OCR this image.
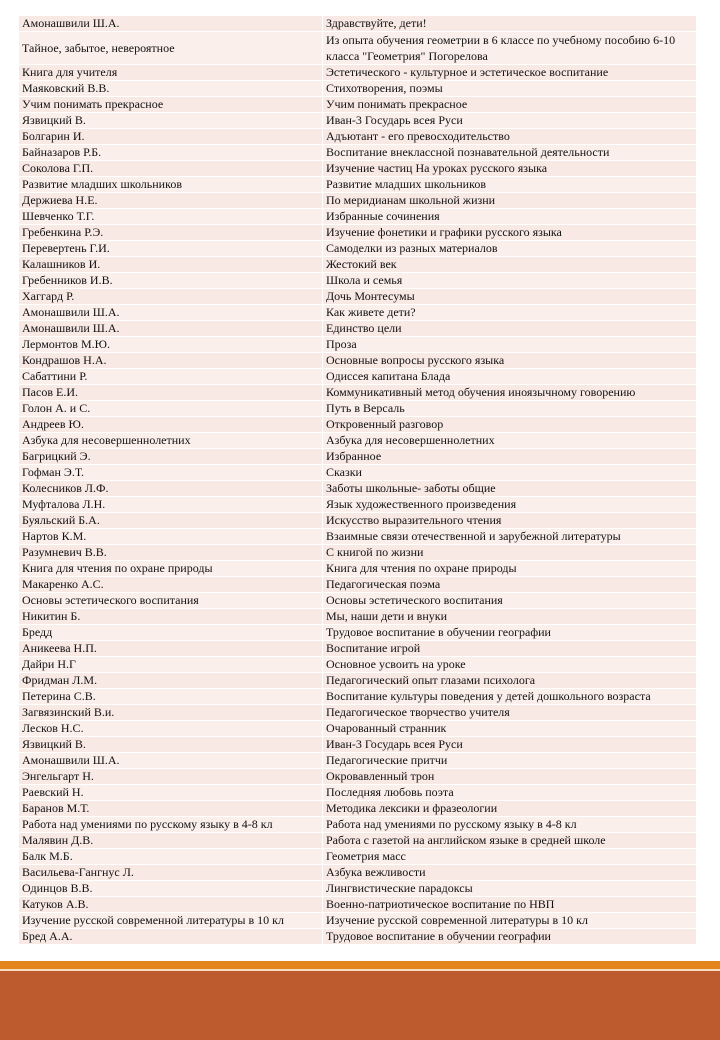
Амонашвили Ш.А.	Здравствуйте, дети!
Тайное, забытое, невероятное	Из опыта обучения геометрии в 6 классе по учебному пособию 6-10 класса "Геометрия" Погорелова
Книга для учителя	Эстетического - культурное и эстетическое воспитание
Маяковский В.В.	Стихотворения, поэмы
Учим понимать прекрасное	Учим понимать прекрасное
Язвицкий В.	Иван-3 Государь всея Руси
Болгарин И.	Адъютант - его превосходительство
Байназаров Р.Б.	Воспитание внеклассной познавательной деятельности
Соколова Г.П.	Изучение частиц На уроках русского языка
Развитие младших школьников	Развитие младших школьников
Держиева Н.Е.	По меридианам школьной жизни
Шевченко Т.Г.	Избранные сочинения
Гребенкина Р.Э.	Изучение фонетики и графики русского языка
Перевертень Г.И.	Самоделки из разных материалов
Калашников И.	Жестокий век
Гребенников И.В.	Школа и семья
Хаггард Р.	Дочь Монтесумы
Амонашвили Ш.А.	Как живете дети?
Амонашвили Ш.А.	Единство цели
Лермонтов М.Ю.	Проза
Кондрашов Н.А.	Основные вопросы русского языка
Сабаттини Р.	Одиссея капитана Блада
Пасов Е.И.	Коммуникативный метод обучения иноязычному говорению
Голон А. и С.	Путь в Версаль
Андреев Ю.	Откровенный разговор
Азбука для несовершеннолетних	Азбука для несовершеннолетних
Багрицкий Э.	Избранное
Гофман Э.Т.	Сказки
Колесников Л.Ф.	Заботы школьные- заботы общие
Муфталова Л.Н.	Язык художественного произведения
Буяльский Б.А.	Искусство выразительного чтения
Нартов К.М.	Взаимные связи отечественной и зарубежной литературы
Разумневич В.В.	С книгой по жизни
Книга для чтения по охране природы	Книга для чтения по охране природы
Макаренко А.С.	Педагогическая поэма
Основы эстетического воспитания	Основы эстетического воспитания
Никитин Б.	Мы, наши дети и внуки
Бредд	Трудовое воспитание в обучении географии
Аникеева Н.П.	Воспитание игрой
Дайри Н.Г	Основное усвоить на уроке
Фридман Л.М.	Педагогический опыт глазами психолога
Петерина С.В.	Воспитание культуры поведения у детей дошкольного возраста
Загвязинский В.и.	Педагогическое творчество учителя
Лесков Н.С.	Очарованный странник
Язвицкий В.	Иван-3 Государь всея Руси
Амонашвили Ш.А.	Педагогические притчи
Энгельгарт Н.	Окровавленный трон
Раевский Н.	Последняя любовь поэта
Баранов М.Т.	Методика лексики и фразеологии
Работа над умениями по русскому языку в 4-8 кл	Работа над умениями по русскому языку в 4-8 кл
Малявин Д.В.	Работа с газетой на английском языке в средней школе
Балк М.Б.	Геометрия масс
Васильева-Гангнус Л.	Азбука вежливости
Одинцов В.В.	Лингвистические парадоксы
Катуков А.В.	Военно-патриотическое воспитание по НВП
Изучение русской современной литературы в 10 кл	Изучение русской современной литературы в 10 кл
Бред А.А.	Трудовое воспитание в обучении географии
